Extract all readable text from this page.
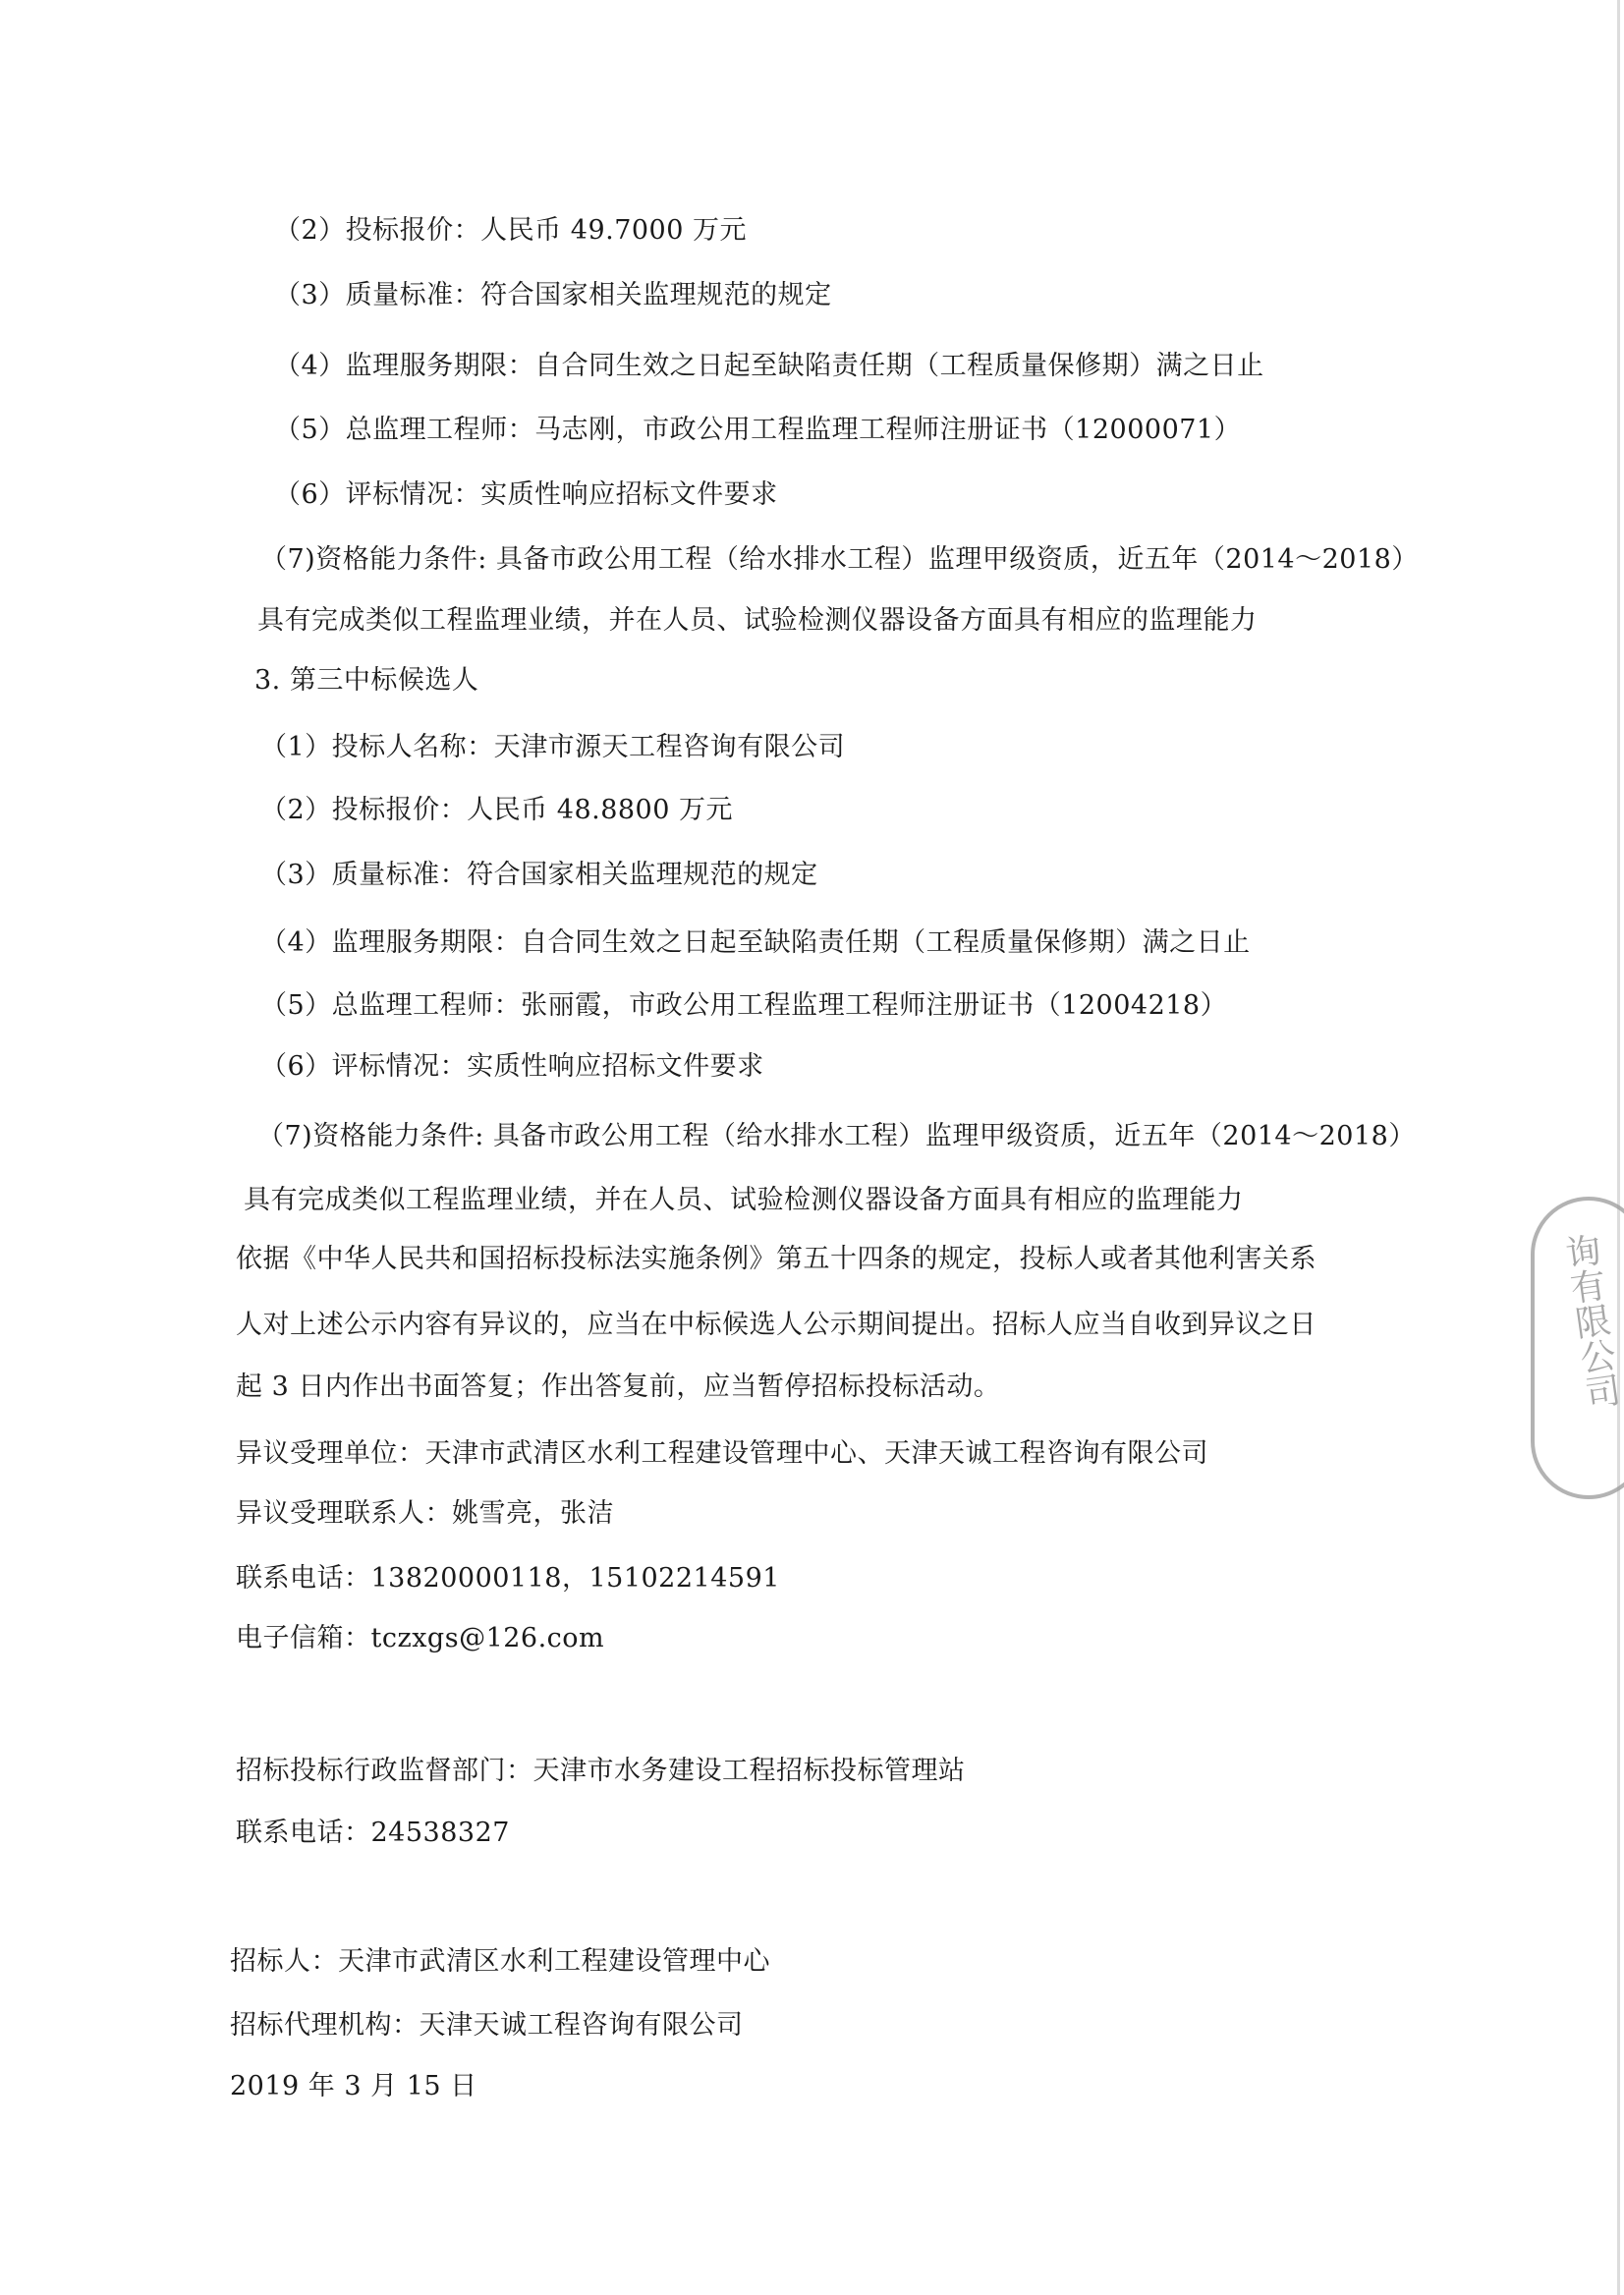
（2）投标报价：人民币 49.7000 万元
（3）质量标准：符合国家相关监理规范的规定
（4）监理服务期限：自合同生效之日起至缺陷责任期（工程质量保修期）满之日止
（5）总监理工程师：马志刚，市政公用工程监理工程师注册证书（12000071）
（6）评标情况：实质性响应招标文件要求
（7)资格能力条件: 具备市政公用工程（给水排水工程）监理甲级资质，近五年（2014～2018）
具有完成类似工程监理业绩，并在人员、试验检测仪器设备方面具有相应的监理能力
3. 第三中标候选人
（1）投标人名称：天津市源天工程咨询有限公司
（2）投标报价：人民币 48.8800 万元
（3）质量标准：符合国家相关监理规范的规定
（4）监理服务期限：自合同生效之日起至缺陷责任期（工程质量保修期）满之日止
（5）总监理工程师：张丽霞，市政公用工程监理工程师注册证书（12004218）
（6）评标情况：实质性响应招标文件要求
（7)资格能力条件: 具备市政公用工程（给水排水工程）监理甲级资质，近五年（2014～2018）
具有完成类似工程监理业绩，并在人员、试验检测仪器设备方面具有相应的监理能力
依据《中华人民共和国招标投标法实施条例》第五十四条的规定，投标人或者其他利害关系
人对上述公示内容有异议的，应当在中标候选人公示期间提出。招标人应当自收到异议之日
起 3 日内作出书面答复；作出答复前，应当暂停招标投标活动。
异议受理单位：天津市武清区水利工程建设管理中心、天津天诚工程咨询有限公司
异议受理联系人：姚雪亮，张洁
联系电话：13820000118，15102214591
电子信箱：tczxgs@126.com
招标投标行政监督部门：天津市水务建设工程招标投标管理站
联系电话：24538327
招标人：天津市武清区水利工程建设管理中心
招标代理机构：天津天诚工程咨询有限公司
2019 年 3 月 15 日
询有限公司
